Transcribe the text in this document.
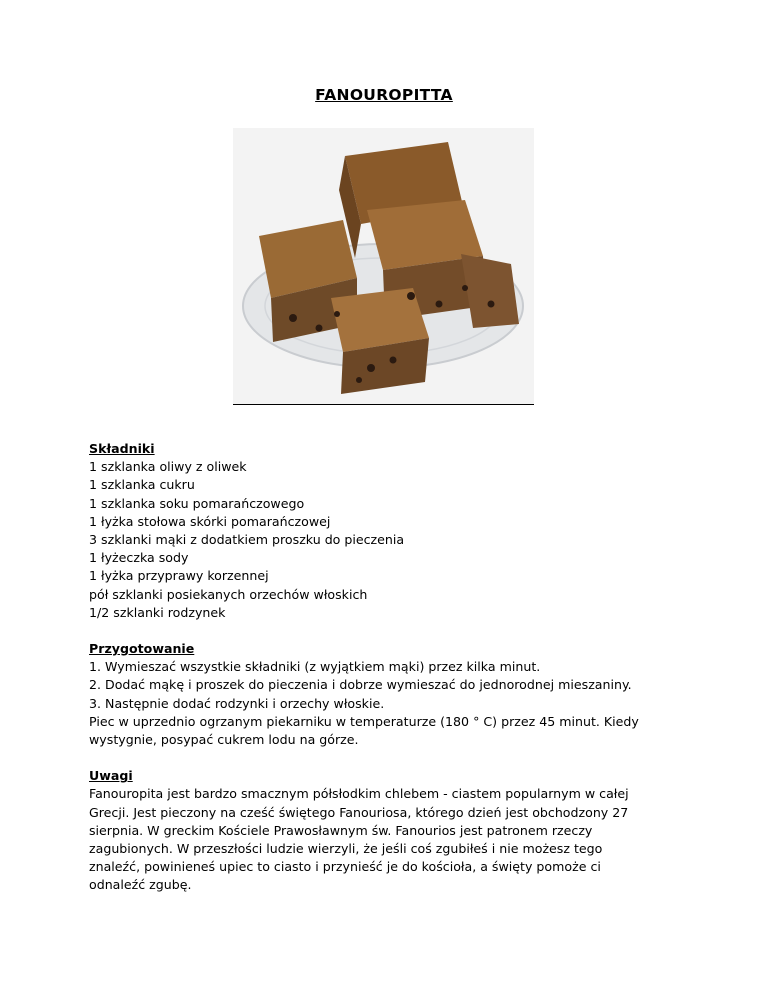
FANOUROPITTA
Składniki
1 szklanka oliwy z oliwek
1 szklanka cukru
1 szklanka soku pomarańczowego
1 łyżka stołowa skórki pomarańczowej
3 szklanki mąki z dodatkiem proszku do pieczenia
1 łyżeczka sody
1 łyżka przyprawy korzennej
pół szklanki posiekanych orzechów włoskich
1/2 szklanki rodzynek
Przygotowanie
1. Wymieszać wszystkie składniki (z wyjątkiem mąki) przez kilka minut.
2. Dodać mąkę i proszek do pieczenia i dobrze wymieszać do jednorodnej mieszaniny.
3. Następnie dodać rodzynki i orzechy włoskie.
Piec w uprzednio ogrzanym piekarniku w temperaturze (180 ° C) przez 45 minut. Kiedy
wystygnie, posypać cukrem lodu na górze.
Uwagi
Fanouropita jest bardzo smacznym półsłodkim chlebem - ciastem popularnym w całej
Grecji. Jest pieczony na cześć świętego Fanouriosa, którego dzień jest obchodzony 27
sierpnia. W greckim Kościele Prawosławnym św. Fanourios jest patronem rzeczy
zagubionych. W przeszłości ludzie wierzyli, że jeśli coś zgubiłeś i nie możesz tego
znaleźć, powinieneś upiec to ciasto i przynieść je do kościoła, a święty pomoże ci
odnaleźć zgubę.
